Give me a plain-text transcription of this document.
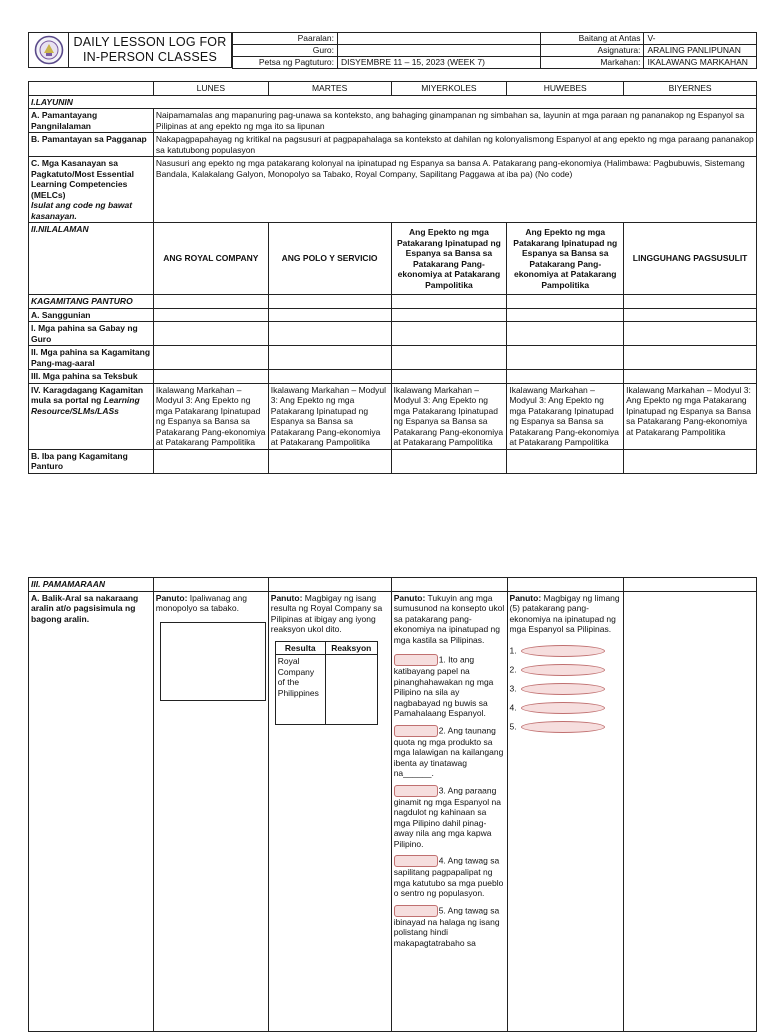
DAILY LESSON LOG FOR
IN-PERSON CLASSES
Paaralan:	
Guro:	
Petsa ng Pagtuturo:	DISYEMBRE 11 – 15, 2023 (WEEK 7)
Baitang at Antas	V-
Asignatura:	ARALING PANLIPUNAN
Markahan:	IKALAWANG MARKAHAN
	LUNES	MARTES	MIYERKOLES	HUWEBES	BIYERNES
I.LAYUNIN					
A. Pamantayang Pangnilalaman	Naipamamalas ang mapanuring pag-unawa sa konteksto, ang bahaging ginampanan ng simbahan sa, layunin at mga paraan ng pananakop ng Espanyol sa Pilipinas at ang epekto ng mga ito sa lipunan				
B. Pamantayan sa Pagganap	Nakapagpapahayag ng kritikal na pagsusuri at pagpapahalaga sa konteksto at dahilan ng kolonyalismong Espanyol at ang epekto ng mga paraang pananakop sa katutubong populasyon				

C. Mga Kasanayan sa Pagkatuto/Most Essential Learning Competencies (MELCs)
Isulat ang code ng bawat kasanayan.	Nasusuri ang epekto ng mga patakarang kolonyal na ipinatupad ng Espanya sa bansa A. Patakarang pang-ekonomiya (Halimbawa: Pagbubuwis, Sistemang Bandala, Kalakalang Galyon, Monopolyo sa Tabako, Royal Company, Sapilitang Paggawa at iba pa) (No code)				
II.NILALAMAN	ANG ROYAL COMPANY	ANG POLO Y SERVICIO	Ang Epekto ng mga Patakarang Ipinatupad ng Espanya sa Bansa sa Patakarang Pang-ekonomiya at Patakarang Pampolitika	Ang Epekto ng mga Patakarang Ipinatupad ng Espanya sa Bansa sa Patakarang Pang-ekonomiya at Patakarang Pampolitika	LINGGUHANG PAGSUSULIT
KAGAMITANG PANTURO					
A. Sanggunian					
I. Mga pahina sa Gabay ng Guro					
II. Mga pahina sa Kagamitang Pang-mag-aaral					
III. Mga pahina sa Teksbuk					
IV. Karagdagang Kagamitan mula sa portal ng Learning Resource/SLMs/LASs	Ikalawang Markahan – Modyul 3: Ang Epekto ng mga Patakarang Ipinatupad ng Espanya sa Bansa sa Patakarang Pang-ekonomiya at Patakarang Pampolitika	Ikalawang Markahan – Modyul 3: Ang Epekto ng mga Patakarang Ipinatupad ng Espanya sa Bansa sa Patakarang Pang-ekonomiya at Patakarang Pampolitika	Ikalawang Markahan – Modyul 3: Ang Epekto ng mga Patakarang Ipinatupad ng Espanya sa Bansa sa Patakarang Pang-ekonomiya at Patakarang Pampolitika	Ikalawang Markahan – Modyul 3: Ang Epekto ng mga Patakarang Ipinatupad ng Espanya sa Bansa sa Patakarang Pang-ekonomiya at Patakarang Pampolitika	Ikalawang Markahan – Modyul 3: Ang Epekto ng mga Patakarang Ipinatupad ng Espanya sa Bansa sa Patakarang Pang-ekonomiya at Patakarang Pampolitika
B. Iba pang Kagamitang Panturo					
III. PAMAMARAAN					
A. Balik-Aral sa nakaraang aralin at/o pagsisimula ng bagong aralin.	Panuto: Ipaliwanag ang monopolyo sa tabako.
	Panuto: Magbigay ng isang resulta ng Royal Company sa Pilipinas at ibigay ang iyong reaksyon ukol dito.
Resulta	Reaksyon
Royal Company of the Philippines	
	Panuto: Tukuyin ang mga sumusunod na konsepto ukol sa patakarang pang-ekonomiya na ipinatupad ng mga kastila sa Pilipinas.
1. Ito ang katibayang papel na pinanghahawakan ng mga Pilipino na sila ay nagbabayad ng buwis sa Pamahalaang Espanyol.
2. Ang taunang quota ng mga produkto sa mga lalawigan na kailangang ibenta ay tinatawag na______.
3. Ang paraang ginamit ng mga Espanyol na nagdulot ng kahinaan sa mga Pilipino dahil pinag-away nila ang mga kapwa Pilipino.
4. Ang tawag sa sapilitang pagpapalipat ng mga katutubo sa mga pueblo o sentro ng populasyon.
5. Ang tawag sa ibinayad na halaga ng isang polistang hindi makapagtatrabaho sa
	Panuto: Magbigay ng limang (5) patakarang pang-ekonomiya na ipinatupad ng mga Espanyol sa Pilipinas.
1.
2.
3.
4.
5.
